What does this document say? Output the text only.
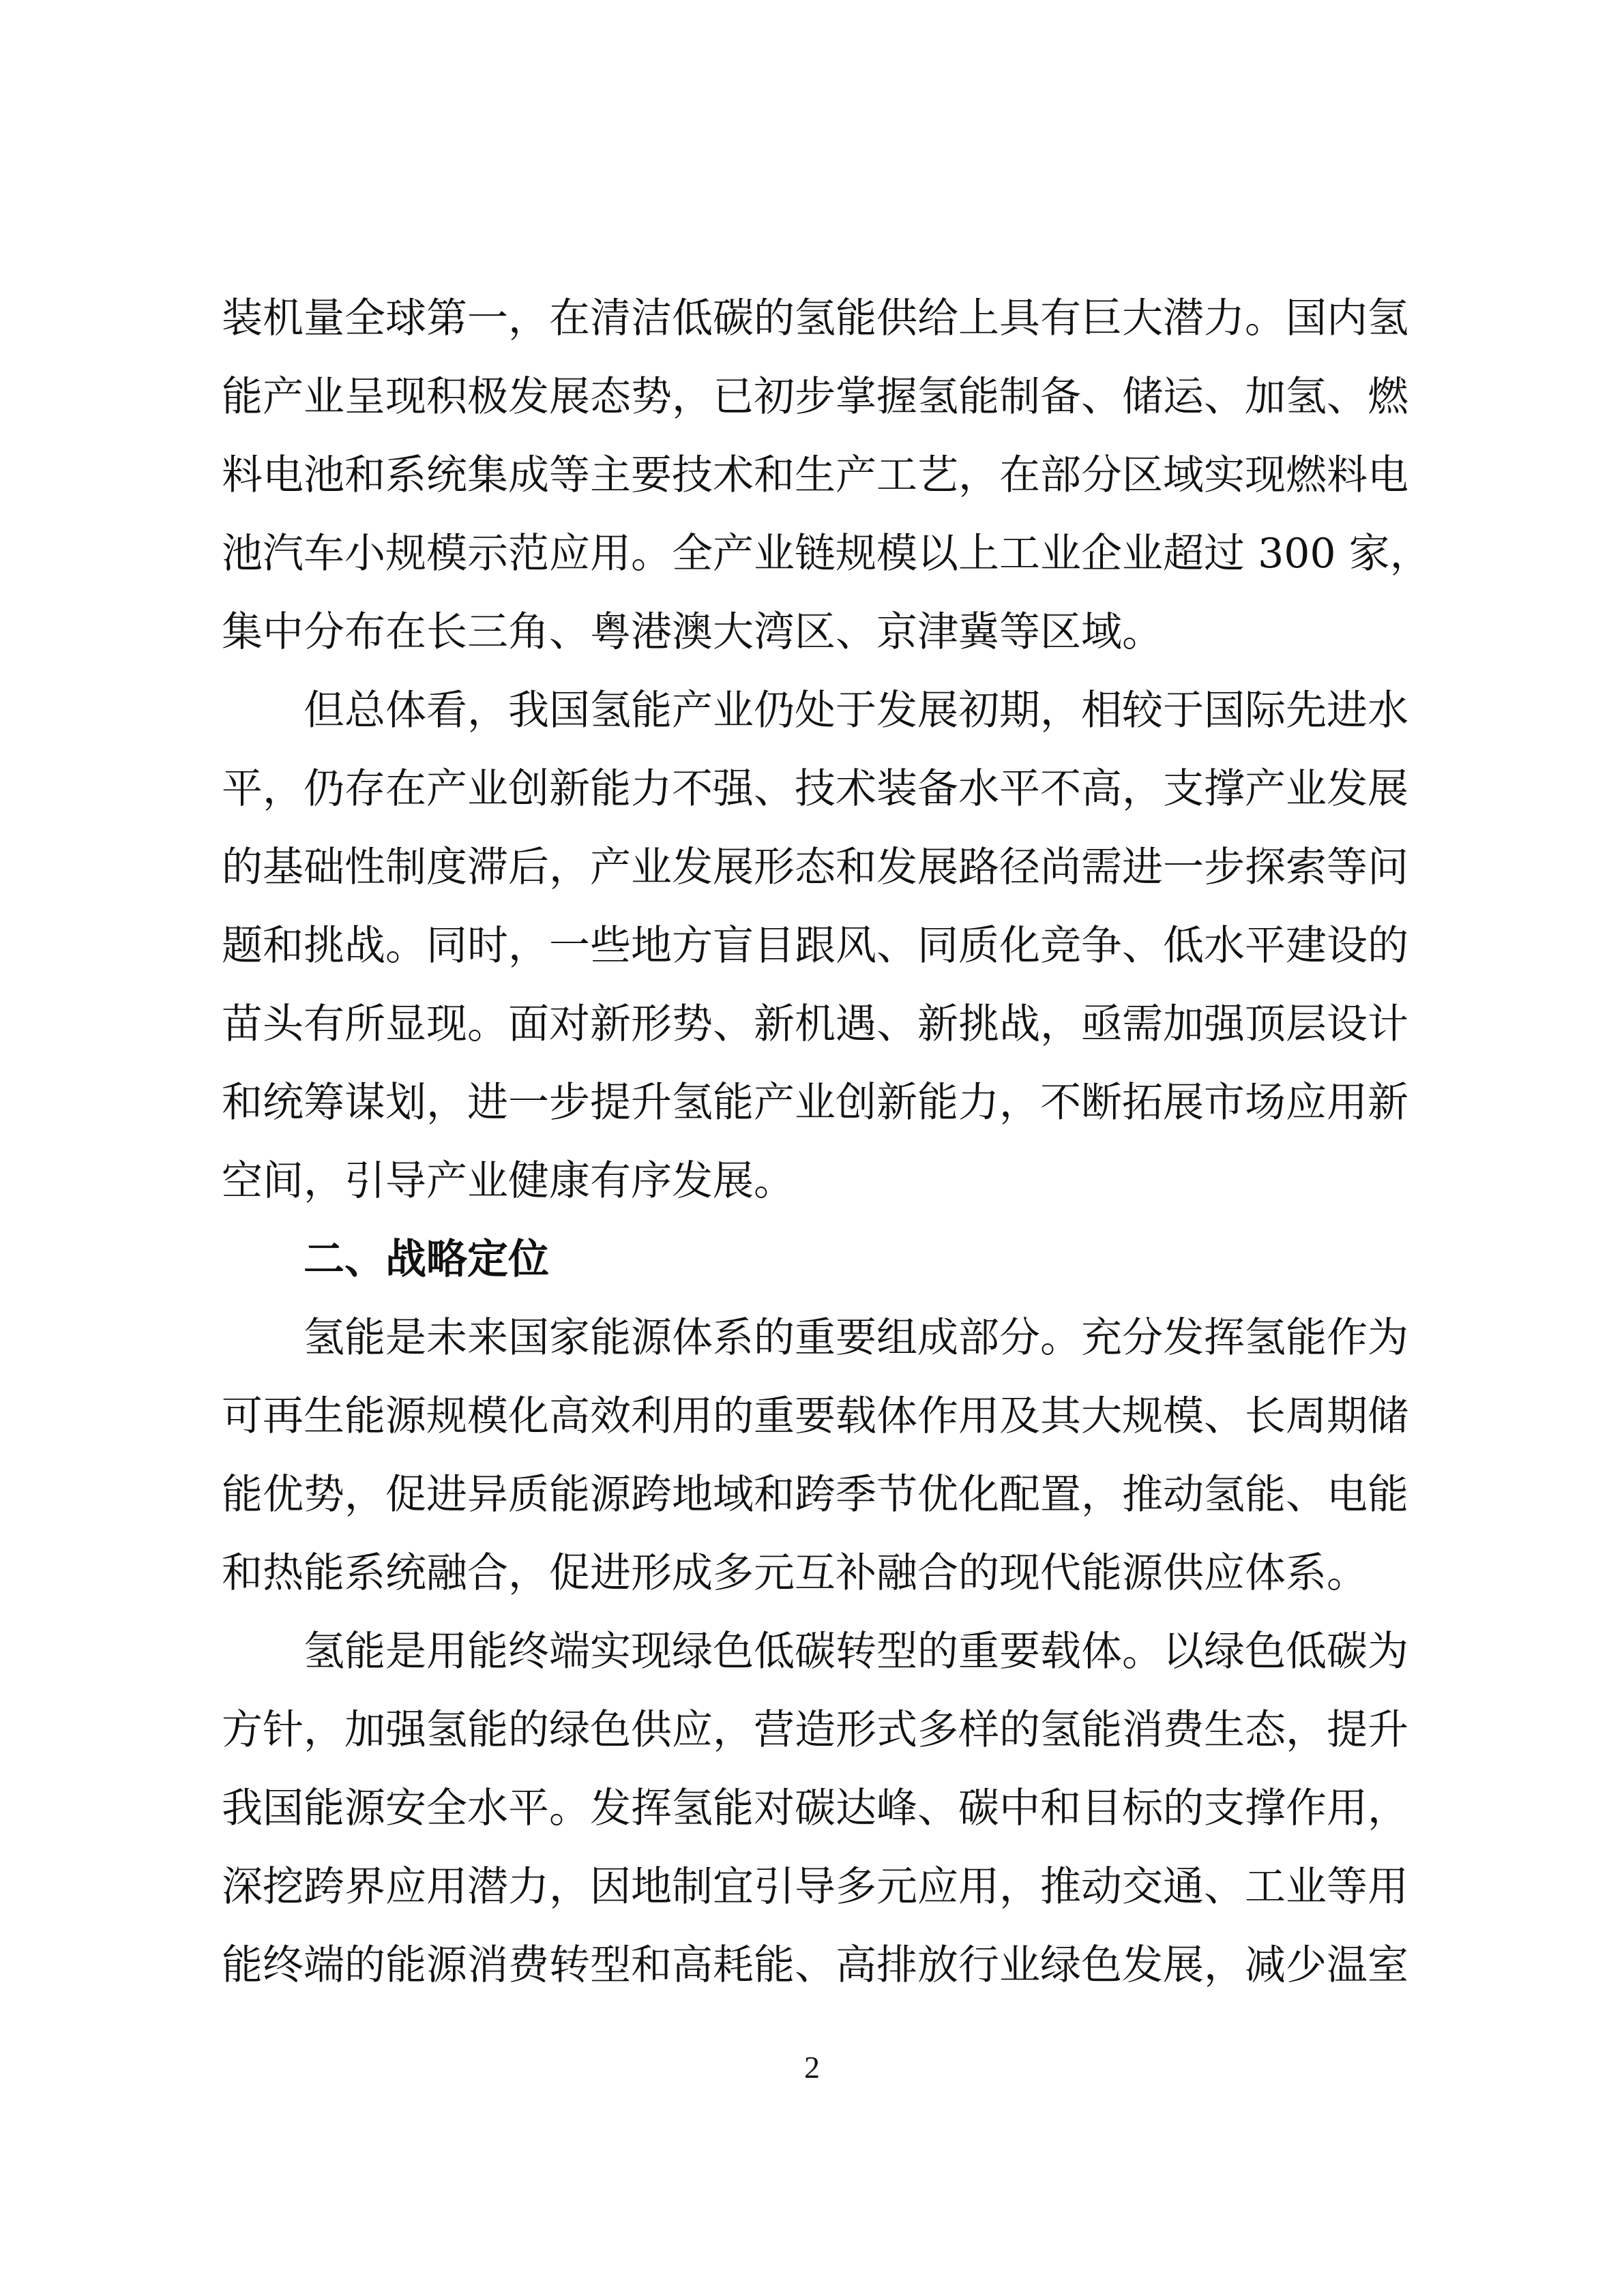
装机量全球第一，在清洁低碳的氢能供给上具有巨大潜力。国内氢
能产业呈现积极发展态势，已初步掌握氢能制备、储运、加氢、燃
料电池和系统集成等主要技术和生产工艺，在部分区域实现燃料电
池汽车小规模示范应用。全产业链规模以上工业企业超过 300 家，
集中分布在长三角、粤港澳大湾区、京津冀等区域。
但总体看，我国氢能产业仍处于发展初期，相较于国际先进水
平，仍存在产业创新能力不强、技术装备水平不高，支撑产业发展
的基础性制度滞后，产业发展形态和发展路径尚需进一步探索等问
题和挑战。同时，一些地方盲目跟风、同质化竞争、低水平建设的
苗头有所显现。面对新形势、新机遇、新挑战，亟需加强顶层设计
和统筹谋划，进一步提升氢能产业创新能力，不断拓展市场应用新
空间，引导产业健康有序发展。
二、战略定位
氢能是未来国家能源体系的重要组成部分。充分发挥氢能作为
可再生能源规模化高效利用的重要载体作用及其大规模、长周期储
能优势，促进异质能源跨地域和跨季节优化配置，推动氢能、电能
和热能系统融合，促进形成多元互补融合的现代能源供应体系。
氢能是用能终端实现绿色低碳转型的重要载体。以绿色低碳为
方针，加强氢能的绿色供应，营造形式多样的氢能消费生态，提升
我国能源安全水平。发挥氢能对碳达峰、碳中和目标的支撑作用，
深挖跨界应用潜力，因地制宜引导多元应用，推动交通、工业等用
能终端的能源消费转型和高耗能、高排放行业绿色发展，减少温室
2
